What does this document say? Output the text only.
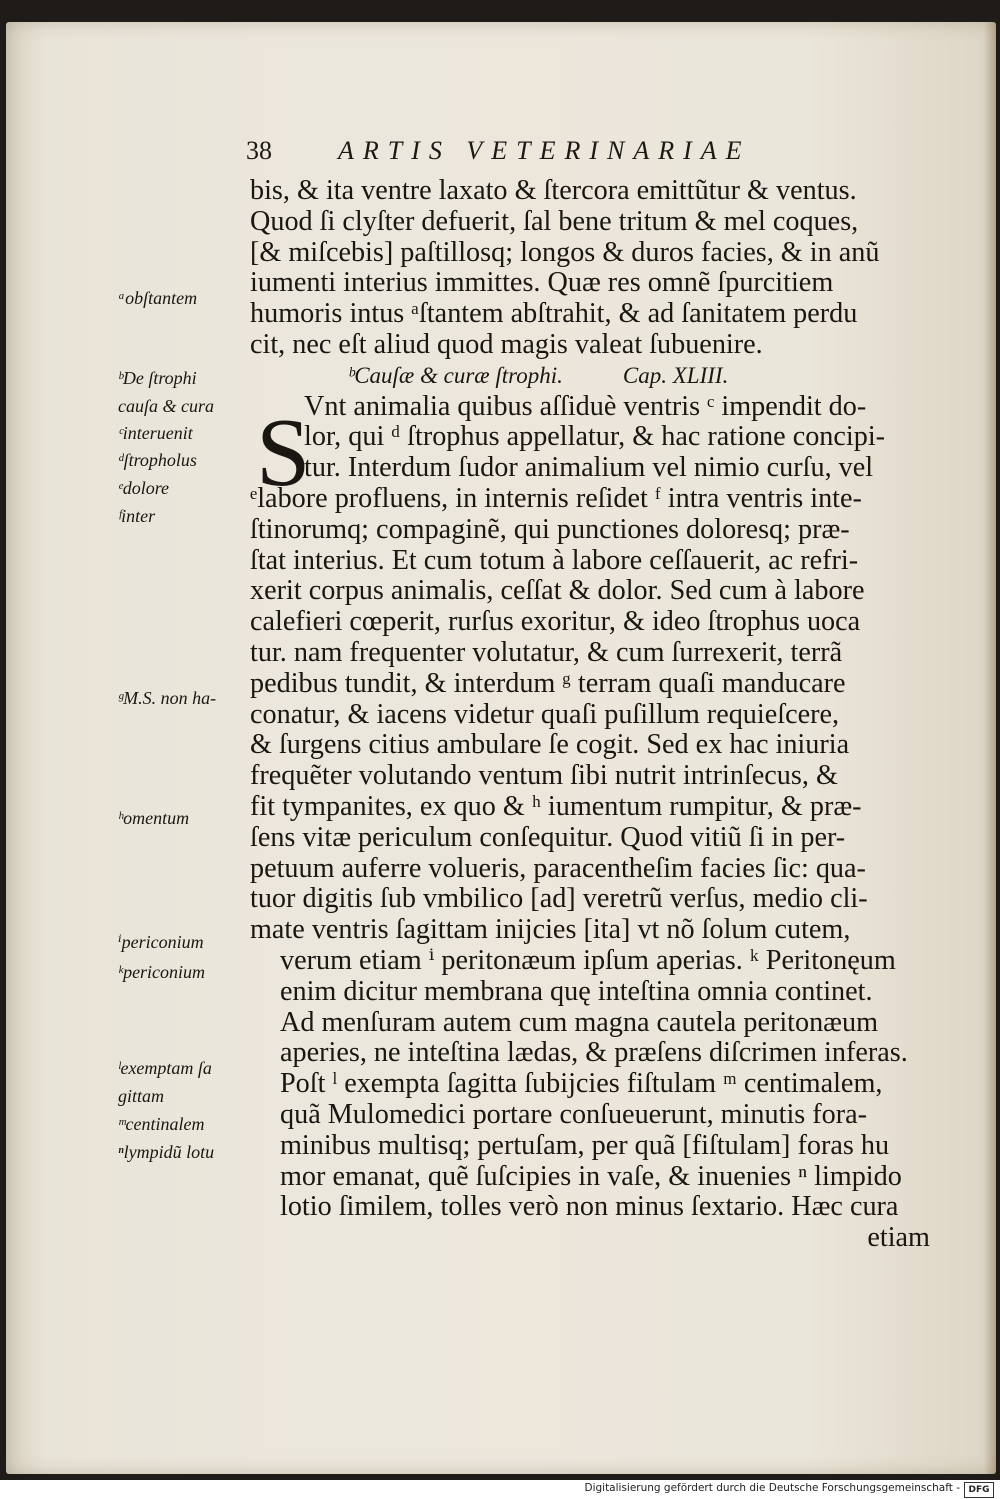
38	ARTIS VETERINARIAE
ᵃobſtantem
ᵇDe ſtrophi
cauſa & cura
ᶜinteruenit
ᵈſtropholus
ᵉdolore
ᶠinter
ᵍM.S. non ha-
ʰomentum
ⁱpericonium
ᵏpericonium
ˡexemptam ſa
gittam
ᵐcentinalem
ⁿlympidũ lotu
bis, & ita ventre laxato & ſtercora emittũtur & ventus.
Quod ſi clyſter defuerit, ſal bene tritum & mel coques,
[& miſcebis] paſtillosq; longos & duros facies, & in anũ
iumenti interius immittes. Quæ res omnẽ ſpurcitiem
humoris intus ᵃſtantem abſtrahit, & ad ſanitatem perdu
cit, nec eſt aliud quod magis valeat ſubuenire.
ᵇCauſæ & curæ ſtrophi.	Cap. XLIII.
S
Vnt animalia quibus aſſiduè ventris ᶜ impendit do-
lor, qui ᵈ ſtrophus appellatur, & hac ratione concipi-
tur. Interdum ſudor animalium vel nimio curſu, vel
ᵉlabore profluens, in internis reſidet ᶠ intra ventris inte-
ſtinorumq; compaginẽ, qui punctiones doloresq; præ-
ſtat interius. Et cum totum à labore ceſſauerit, ac refri-
xerit corpus animalis, ceſſat & dolor. Sed cum à labore
calefieri cœperit, rurſus exoritur, & ideo ſtrophus uoca
tur. nam frequenter volutatur, & cum ſurrexerit, terrã
pedibus tundit, & interdum ᵍ terram quaſi manducare
conatur, & iacens videtur quaſi puſillum requieſcere,
& ſurgens citius ambulare ſe cogit. Sed ex hac iniuria
frequẽter volutando ventum ſibi nutrit intrinſecus, &
fit tympanites, ex quo & ʰ iumentum rumpitur, & præ-
ſens vitæ periculum conſequitur. Quod vitiũ ſi in per-
petuum auferre volueris, paracentheſim facies ſic: qua-
tuor digitis ſub vmbilico [ad] veretrũ verſus, medio cli-
mate ventris ſagittam inijcies [ita] vt nõ ſolum cutem,
verum etiam ⁱ peritonæum ipſum aperias. ᵏ Peritonęum
enim dicitur membrana quę inteſtina omnia continet.
Ad menſuram autem cum magna cautela peritonæum
aperies, ne inteſtina lædas, & præſens diſcrimen inferas.
Poſt ˡ exempta ſagitta ſubijcies fiſtulam ᵐ centimalem,
quã Mulomedici portare conſueuerunt, minutis fora-
minibus multisq; pertuſam, per quã [fiſtulam] foras hu
mor emanat, quẽ ſuſcipies in vaſe, & inuenies ⁿ limpido
lotio ſimilem, tolles verò non minus ſextario. Hæc cura
etiam
Digitalisierung gefördert durch die Deutsche Forschungsgemeinschaft - DFG
